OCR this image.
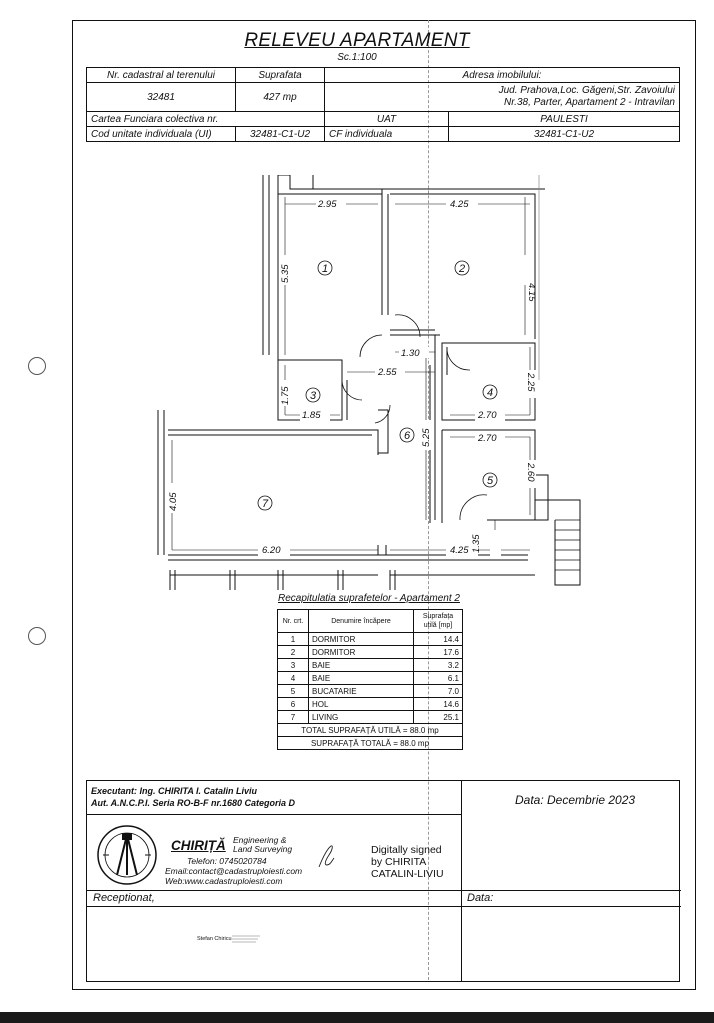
RELEVEU APARTAMENT
Sc.1:100
Nr. cadastral al terenului	Suprafata	Adresa imobilului:	
32481	427 mp	Jud. Prahova,Loc. Găgeni,Str. Zavoiului
Nr.38, Parter, Apartament 2 - Intravilan	

Cartea Funciara colectiva nr.		UAT	PAULESTI
Cod unitate individuala (UI)	32481-C1-U2	CF individuala	32481-C1-U2
2.95	4.25
5.35
4.15
1.30
2.55
1.75
1.85
2.25
2.70
2.70
5.25
2.60
4.05
6.20	4.25 1.35
1	2
3	4
6
5
7
Recapitulatia suprafetelor - Apartament 2
Nr. crt.	Denumire încăpere	Suprafața utilă [mp]
1	DORMITOR	14.4
2	DORMITOR	17.6
3	BAIE	3.2
4	BAIE	6.1
5	BUCATARIE	7.0
6	HOL	14.6
7	LIVING	25.1
TOTAL SUPRAFAȚĂ UTILĂ = 88.0 mp		
SUPRAFAȚĂ TOTALĂ = 88.0 mp		
Executant: Ing. CHIRITA I. Catalin Liviu
Aut. A.N.C.P.I. Seria RO-B-F nr.1680 Categoria D	Data: Decembrie 2023
CHIRIȚĂ Engineering &
Land Surveying
Telefon: 0745020784
Email:contact@cadastruploiesti.com
Web:www.cadastruploiesti.com
Digitally signed
by CHIRITA
CATALIN-LIVIU
Receptionat,	Data:
Stefan Chiricu
